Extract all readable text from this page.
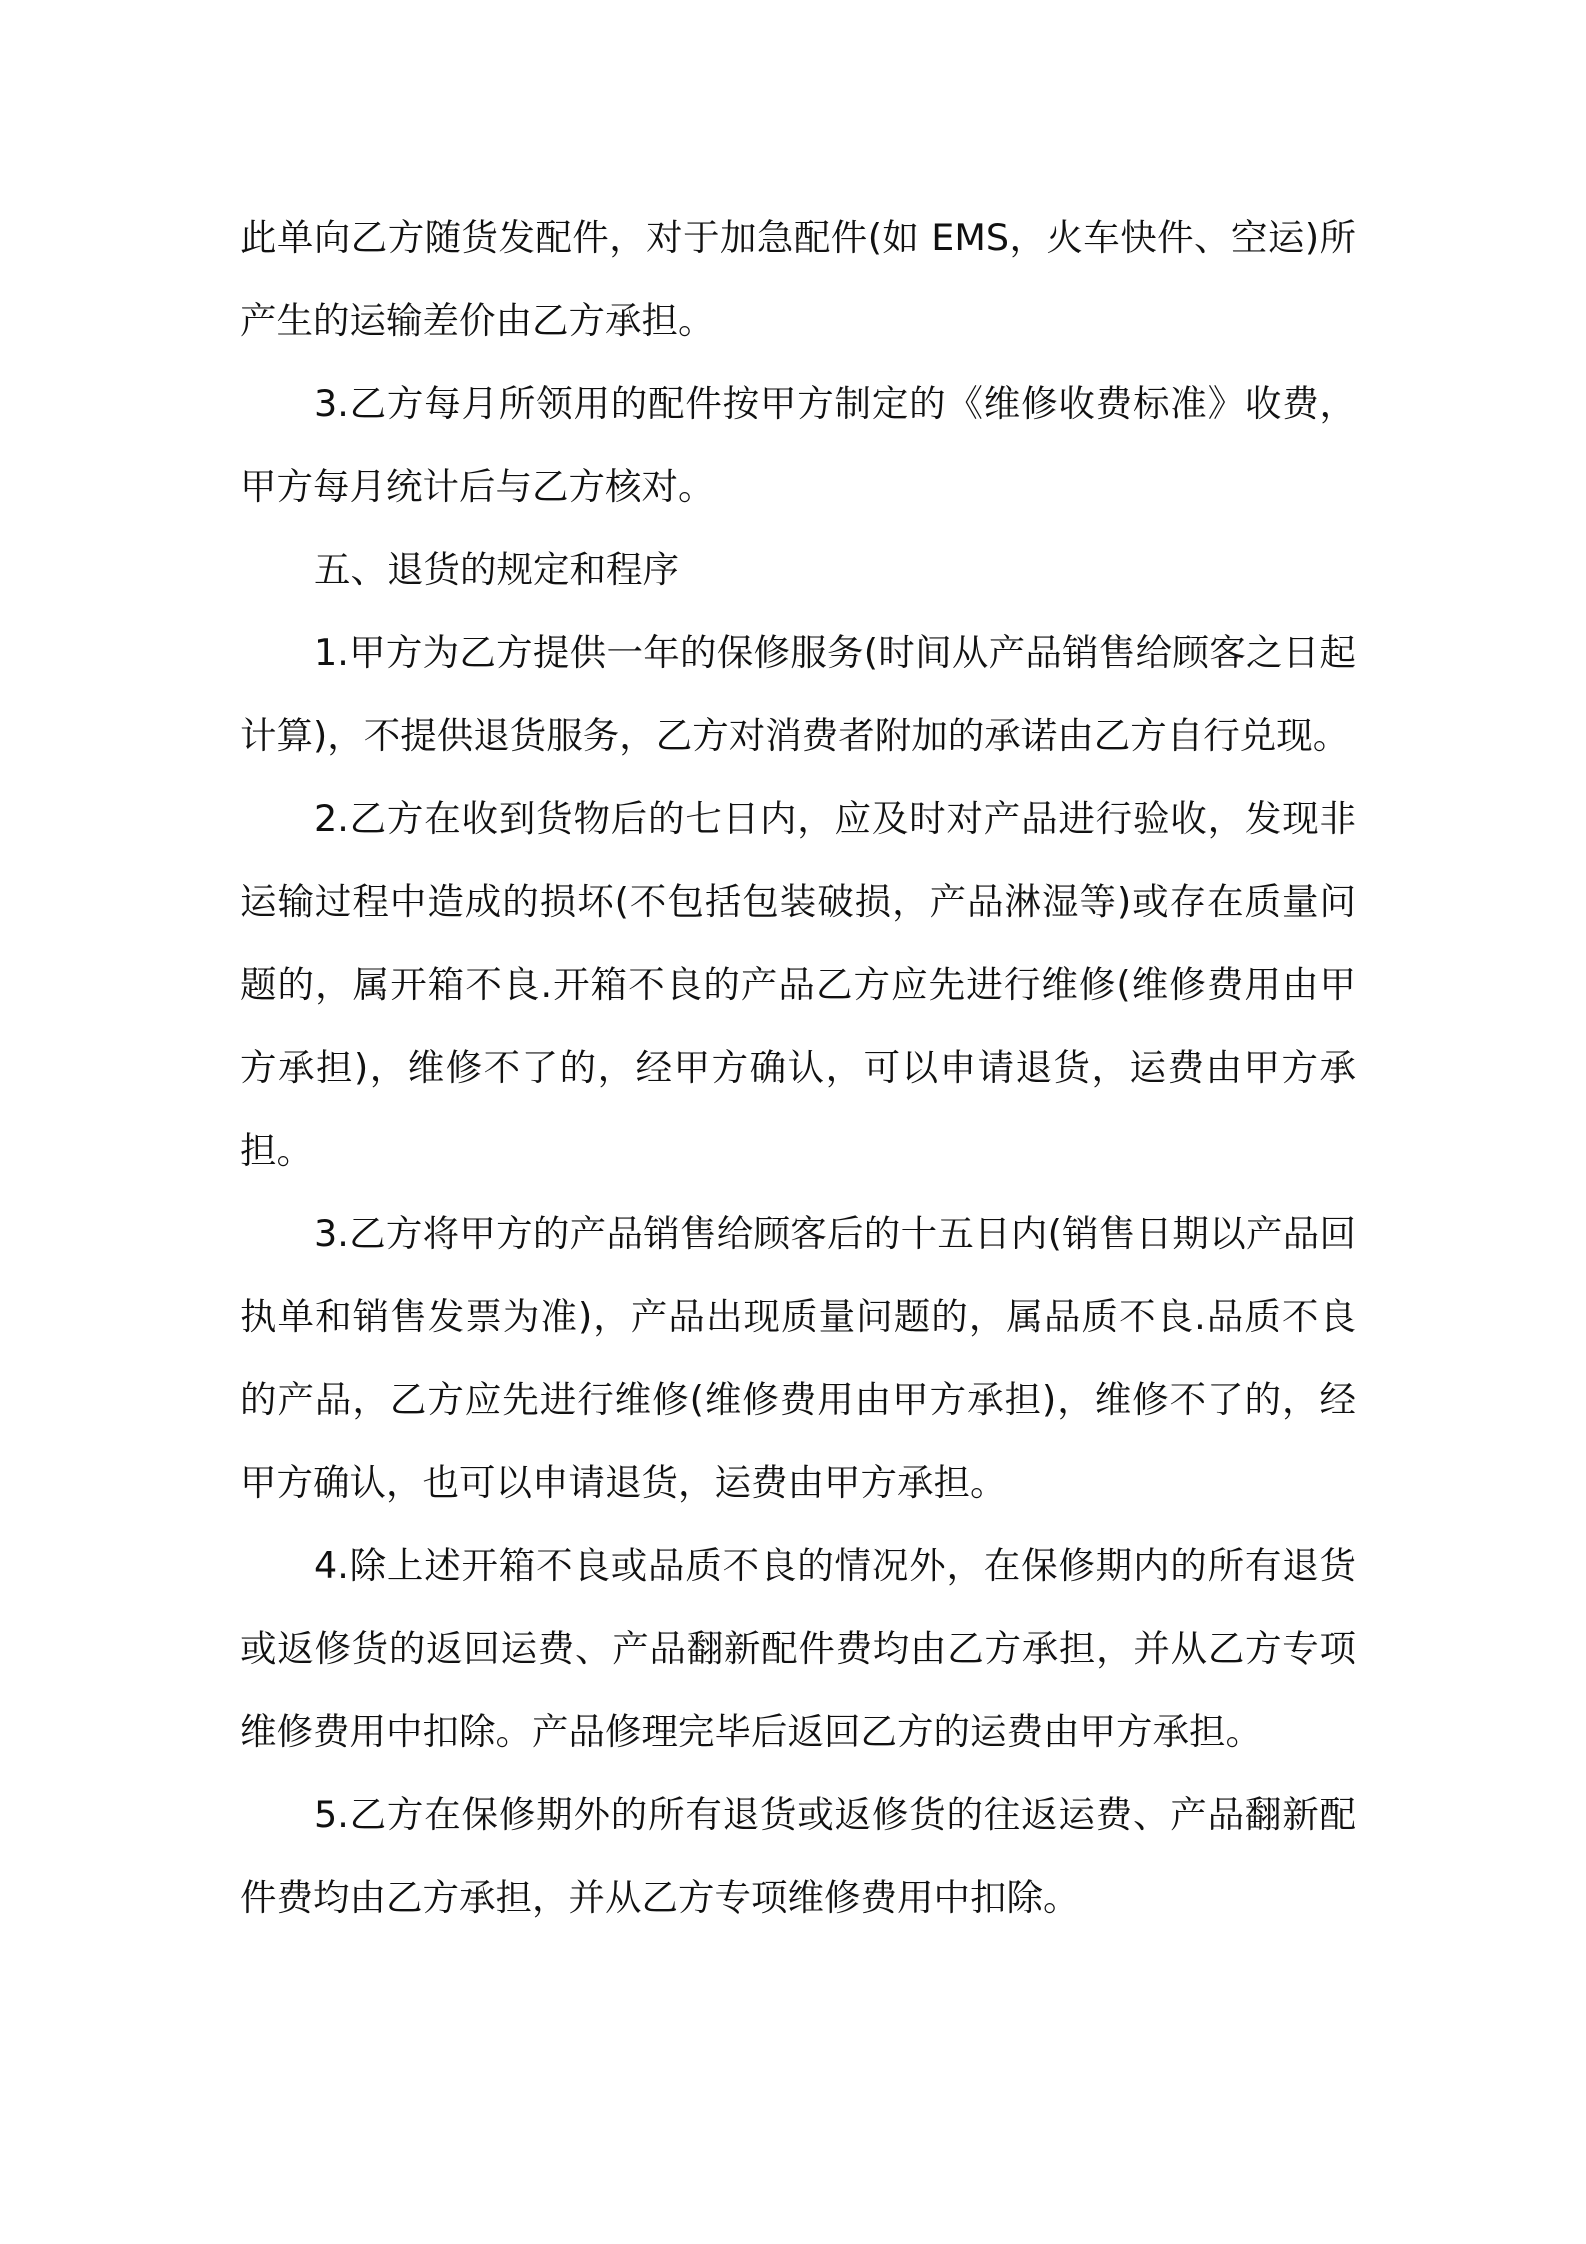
此单向乙方随货发配件，对于加急配件(如 EMS，火车快件、空运)所产生的运输差价由乙方承担。

3.乙方每月所领用的配件按甲方制定的《维修收费标准》收费，甲方每月统计后与乙方核对。

五、退货的规定和程序

1.甲方为乙方提供一年的保修服务(时间从产品销售给顾客之日起计算)，不提供退货服务，乙方对消费者附加的承诺由乙方自行兑现。

2.乙方在收到货物后的七日内，应及时对产品进行验收，发现非运输过程中造成的损坏(不包括包装破损，产品淋湿等)或存在质量问题的，属开箱不良.开箱不良的产品乙方应先进行维修(维修费用由甲方承担)，维修不了的，经甲方确认，可以申请退货，运费由甲方承担。

3.乙方将甲方的产品销售给顾客后的十五日内(销售日期以产品回执单和销售发票为准)，产品出现质量问题的，属品质不良.品质不良的产品，乙方应先进行维修(维修费用由甲方承担)，维修不了的，经甲方确认，也可以申请退货，运费由甲方承担。

4.除上述开箱不良或品质不良的情况外，在保修期内的所有退货或返修货的返回运费、产品翻新配件费均由乙方承担，并从乙方专项维修费用中扣除。产品修理完毕后返回乙方的运费由甲方承担。

5.乙方在保修期外的所有退货或返修货的往返运费、产品翻新配件费均由乙方承担，并从乙方专项维修费用中扣除。
